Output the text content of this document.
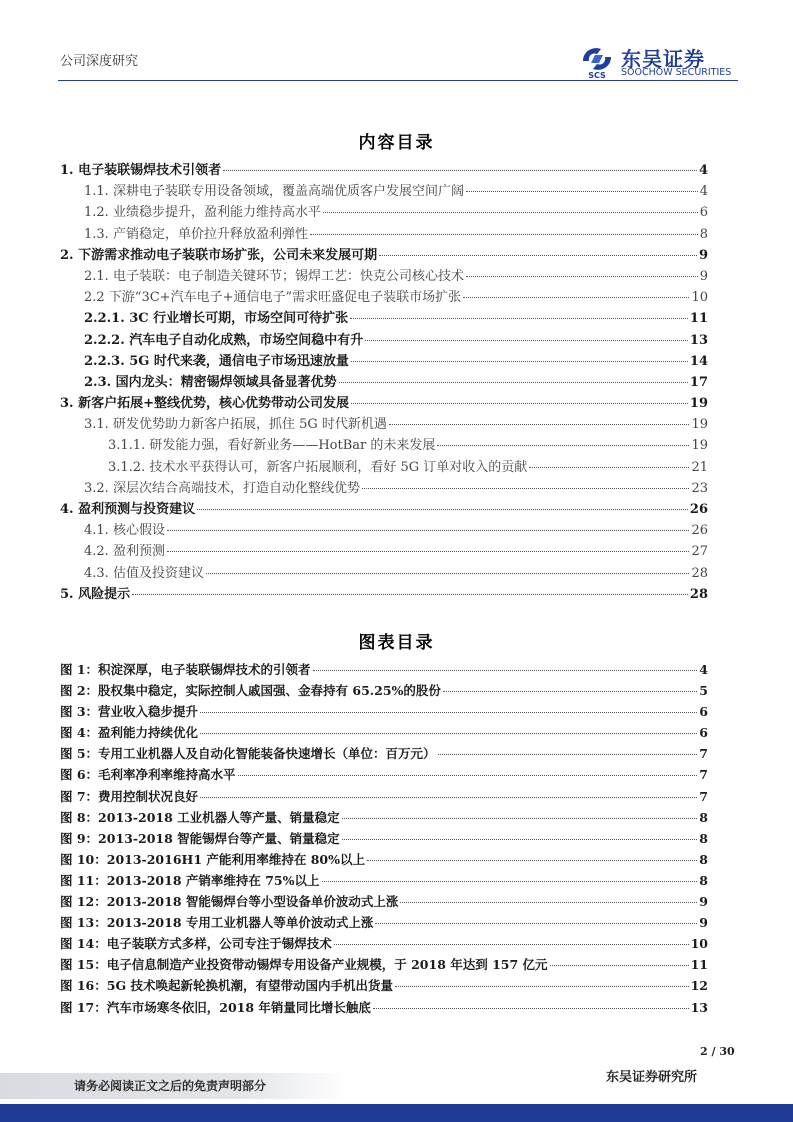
公司深度研究
SCS
东吴证券
SOOCHOW SECURITIES
内容目录
1. 电子装联锡焊技术引领者	4
1.1. 深耕电子装联专用设备领域，覆盖高端优质客户发展空间广阔	4
1.2. 业绩稳步提升，盈利能力维持高水平	6
1.3. 产销稳定，单价拉升释放盈利弹性	8
2. 下游需求推动电子装联市场扩张，公司未来发展可期	9
2.1. 电子装联：电子制造关键环节；锡焊工艺：快克公司核心技术	9
2.2 下游“3C+汽车电子+通信电子”需求旺盛促电子装联市场扩张	10
2.2.1. 3C 行业增长可期，市场空间可待扩张	11
2.2.2. 汽车电子自动化成熟，市场空间稳中有升	13
2.2.3. 5G 时代来袭，通信电子市场迅速放量	14
2.3. 国内龙头：精密锡焊领域具备显著优势	17
3. 新客户拓展+整线优势，核心优势带动公司发展	19
3.1. 研发优势助力新客户拓展，抓住 5G 时代新机遇	19
3.1.1. 研发能力强，看好新业务——HotBar 的未来发展	19
3.1.2. 技术水平获得认可，新客户拓展顺利，看好 5G 订单对收入的贡献	21
3.2. 深层次结合高端技术，打造自动化整线优势	23
4. 盈利预测与投资建议	26
4.1. 核心假设	26
4.2. 盈利预测	27
4.3. 估值及投资建议	28
5. 风险提示	28
图表目录
图 1：积淀深厚，电子装联锡焊技术的引领者	4
图 2：股权集中稳定，实际控制人戚国强、金春持有 65.25%的股份	5
图 3：营业收入稳步提升	6
图 4：盈利能力持续优化	6
图 5：专用工业机器人及自动化智能装备快速增长（单位：百万元）	7
图 6：毛利率净利率维持高水平	7
图 7：费用控制状况良好	7
图 8：2013-2018 工业机器人等产量、销量稳定	8
图 9：2013-2018 智能锡焊台等产量、销量稳定	8
图 10：2013-2016H1 产能利用率维持在 80%以上	8
图 11：2013-2018 产销率维持在 75%以上	8
图 12：2013-2018 智能锡焊台等小型设备单价波动式上涨	9
图 13：2013-2018 专用工业机器人等单价波动式上涨	9
图 14：电子装联方式多样，公司专注于锡焊技术	10
图 15：电子信息制造产业投资带动锡焊专用设备产业规模，于 2018 年达到 157 亿元	11
图 16：5G 技术唤起新轮换机潮，有望带动国内手机出货量	12
图 17：汽车市场寒冬依旧，2018 年销量同比增长触底	13
2 / 30
请务必阅读正文之后的免责声明部分
东吴证券研究所
